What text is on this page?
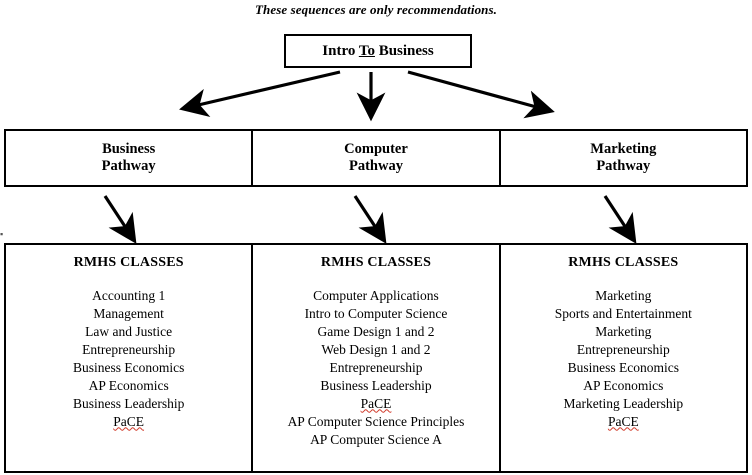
These sequences are only recommendations.
Intro To Business
▪
Business
Pathway
Computer
Pathway
Marketing
Pathway
RMHS CLASSES
Accounting 1
Management
Law and Justice
Entrepreneurship
Business Economics
AP Economics
Business Leadership
PaCE
RMHS CLASSES
Computer Applications
Intro to Computer Science
Game Design 1 and 2
Web Design 1 and 2
Entrepreneurship
Business Leadership
PaCE
AP Computer Science Principles
AP Computer Science A
RMHS CLASSES
Marketing
Sports and Entertainment
Marketing
Entrepreneurship
Business Economics
AP Economics
Marketing Leadership
PaCE
